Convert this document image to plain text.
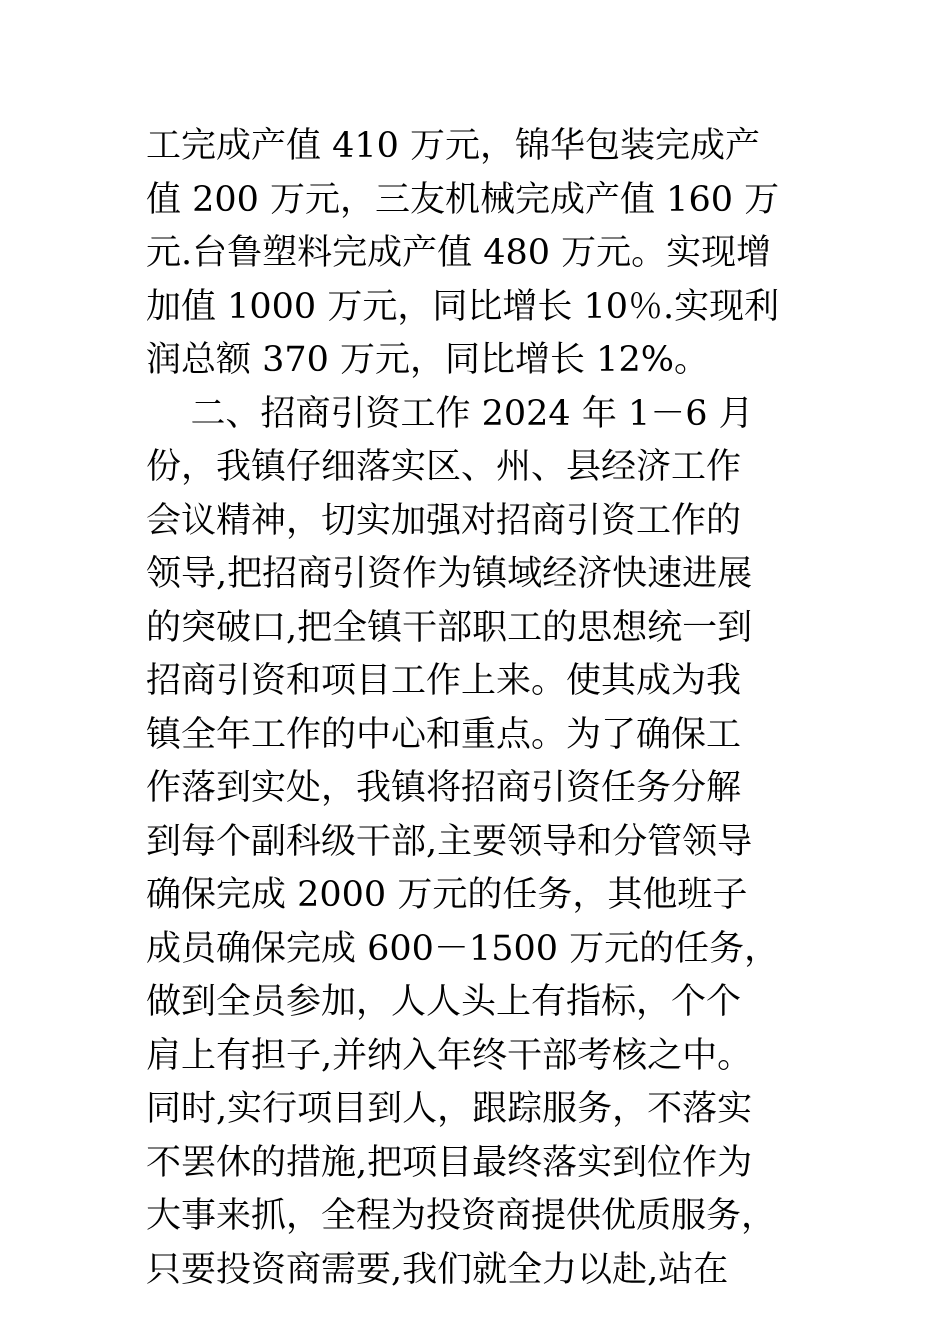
工完成产值 410 万元，锦华包装完成产
值 200 万元，三友机械完成产值 160 万
元.台鲁塑料完成产值 480 万元。实现增
加值 1000 万元，同比增长 10％.实现利
润总额 370 万元，同比增长 12%。
二、招商引资工作 2024 年 1－6 月
份，我镇仔细落实区、州、县经济工作
会议精神，切实加强对招商引资工作的
领导,把招商引资作为镇域经济快速进展
的突破口,把全镇干部职工的思想统一到
招商引资和项目工作上来。使其成为我
镇全年工作的中心和重点。为了确保工
作落到实处，我镇将招商引资任务分解
到每个副科级干部,主要领导和分管领导
确保完成 2000 万元的任务，其他班子
成员确保完成 600－1500 万元的任务，
做到全员参加，人人头上有指标，个个
肩上有担子,并纳入年终干部考核之中。
同时,实行项目到人，跟踪服务，不落实
不罢休的措施,把项目最终落实到位作为
大事来抓，全程为投资商提供优质服务，
只要投资商需要,我们就全力以赴,站在
